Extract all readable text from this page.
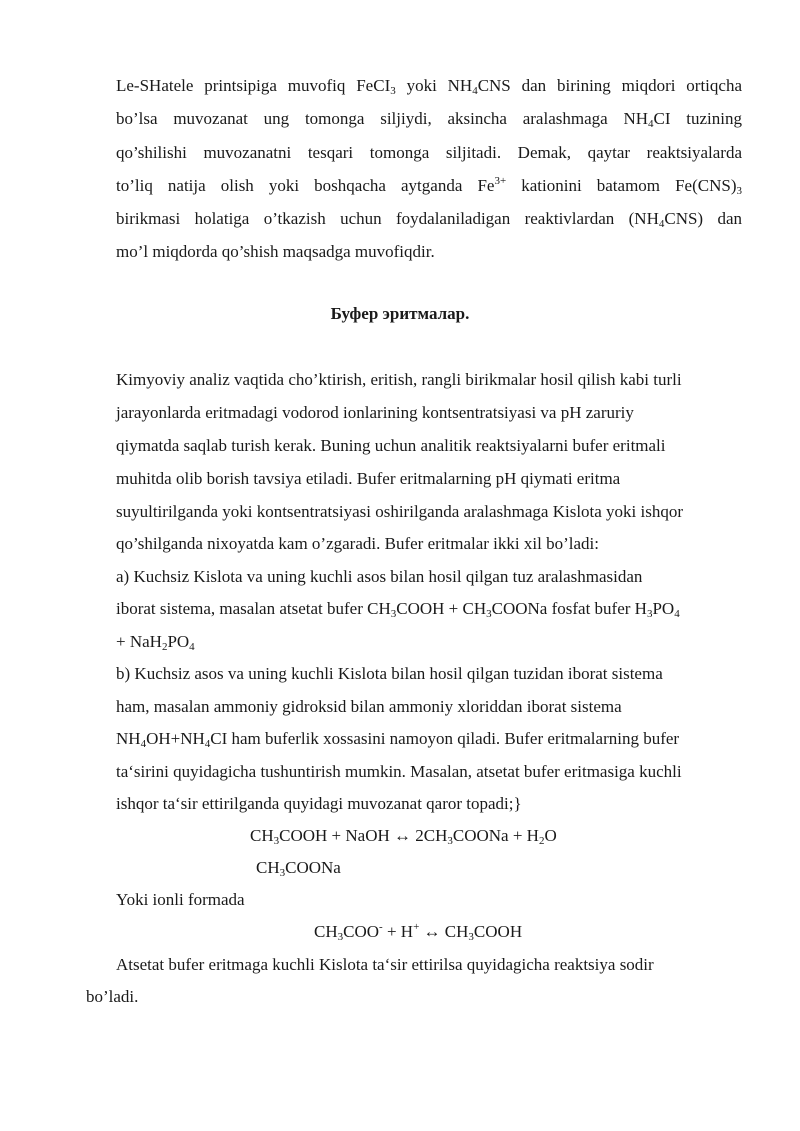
Le-SHatele printsipiga muvofiq FeCI$_3$ yoki $NH_4CNS$ dan birining miqdori ortiqcha
bo’lsa muvozanat ung tomonga siljiydi, aksincha aralashmaga $NH_4CI$ tuzining
qo’shilishi muvozanatni tesqari tomonga siljitadi. Demak, qaytar reaktsiyalarda
to’liq natija olish yoki boshqacha aytganda $Fe^{3+}$ kationini batamom $Fe(CNS)_3$
birikmasi holatiga o’tkazish uchun foydalaniladigan reaktivlardan $(NH_4CNS)$ dan
mo’l miqdorda qo’shish maqsadga muvofiqdir.
Буфер эритмалар.
Kimyoviy analiz vaqtida cho’ktirish, eritish, rangli birikmalar hosil qilish kabi turli
jarayonlarda eritmadagi vodorod ionlarining kontsentratsiyasi va pH zaruriy
qiymatda saqlab turish kerak. Buning uchun analitik reaktsiyalarni bufer eritmali
muhitda olib borish tavsiya etiladi. Bufer eritmalarning pH qiymati eritma
suyultirilganda yoki kontsentratsiyasi oshirilganda aralashmaga Kislota yoki ishqor
qo’shilganda nixoyatda kam o’zgaradi. Bufer eritmalar ikki xil bo’ladi:
a) Kuchsiz Kislota va uning kuchli asos bilan hosil qilgan tuz aralashmasidan
iborat sistema, masalan atsetat bufer $CH_3COOH$ + $CH_3COONa$ fosfat bufer $H_3PO_4$
+ $NaH_2PO_4$
b) Kuchsiz asos va uning kuchli Kislota bilan hosil qilgan tuzidan iborat sistema
ham, masalan ammoniy gidroksid bilan ammoniy xloriddan iborat sistema
$NH_4OH+NH_4CI$ ham buferlik xossasini namoyon qiladi. Bufer eritmalarning bufer
ta‘sirini quyidagicha tushuntirish mumkin. Masalan, atsetat bufer eritmasiga kuchli
ishqor ta‘sir ettirilganda quyidagi muvozanat qaror topadi;}
$CH_3COOH$ + NaOH ↔ $2CH_3COONa + H_2O$
$CH_3COONa$
Yoki ionli formada
$CH_3COO^- + H^+$ ↔ $CH_3COOH$
Atsetat bufer eritmaga kuchli Kislota ta‘sir ettirilsa quyidagicha reaktsiya sodir
bo’ladi.
